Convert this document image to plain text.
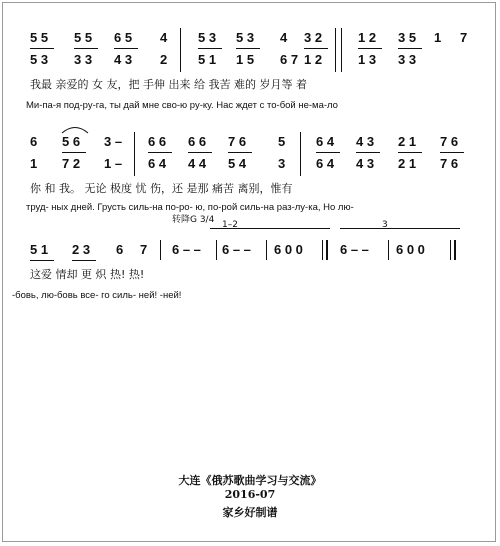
5 5 5 5 6 5 4 5 3 5 3 4 3 2	1 2 3 5 1 7
5 3 3 3 4 3 2 5 1 1 5 6 7 1 2	1 3 3 3
我最 亲爱的 女 友，把 手伸 出来 给 我苦 难的 岁月等 着
Ми-па-я под-ру-га, ты дай мне сво-ю ру-ку. Нас ждет с то-бой не-ма-ло
6 5 6 3 – 6 6 6 6 7 6 5 6 4 4 3 2 1 7 6
1 7 2 1 – 6 4 4 4 5 4 3 6 4 4 3 2 1 7 6
你 和 我。 无论 极度 忧 伤，还 是那 痛苦 离别，惟有
труд- ных дней. Грусть силь-на по-ро- ю, по-рой силь-на раз-лу-ка, Но лю-
转降G 3/4 1–2	3
5 1 2 3 6 7 6 – – 6 – – 6 0 0	6 – – 6 0 0
这爱 情却 更 炽 热! 热!
-бовь, лю-бовь все- го силь- ней! -ней!
大连《俄苏歌曲学习与交流》
2016-07
家乡好制谱
